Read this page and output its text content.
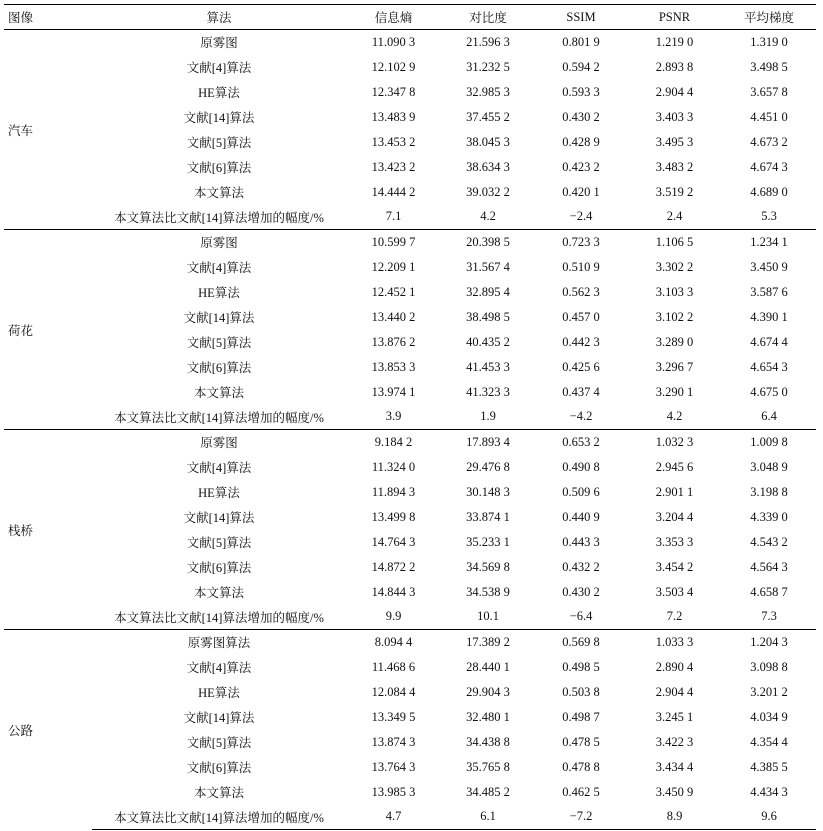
图像	算法	信息熵	对比度	SSIM	PSNR	平均梯度
汽车	原雾图	11.090 3	21.596 3	0.801 9	1.219 0	1.319 0
	文献[4]算法	12.102 9	31.232 5	0.594 2	2.893 8	3.498 5
	HE算法	12.347 8	32.985 3	0.593 3	2.904 4	3.657 8
	文献[14]算法	13.483 9	37.455 2	0.430 2	3.403 3	4.451 0
	文献[5]算法	13.453 2	38.045 3	0.428 9	3.495 3	4.673 2
	文献[6]算法	13.423 2	38.634 3	0.423 2	3.483 2	4.674 3
	本文算法	14.444 2	39.032 2	0.420 1	3.519 2	4.689 0
	本文算法比文献[14]算法增加的幅度/%	7.1	4.2	−2.4	2.4	5.3
荷花	原雾图	10.599 7	20.398 5	0.723 3	1.106 5	1.234 1
	文献[4]算法	12.209 1	31.567 4	0.510 9	3.302 2	3.450 9
	HE算法	12.452 1	32.895 4	0.562 3	3.103 3	3.587 6
	文献[14]算法	13.440 2	38.498 5	0.457 0	3.102 2	4.390 1
	文献[5]算法	13.876 2	40.435 2	0.442 3	3.289 0	4.674 4
	文献[6]算法	13.853 3	41.453 3	0.425 6	3.296 7	4.654 3
	本文算法	13.974 1	41.323 3	0.437 4	3.290 1	4.675 0
	本文算法比文献[14]算法增加的幅度/%	3.9	1.9	−4.2	4.2	6.4
栈桥	原雾图	9.184 2	17.893 4	0.653 2	1.032 3	1.009 8
	文献[4]算法	11.324 0	29.476 8	0.490 8	2.945 6	3.048 9
	HE算法	11.894 3	30.148 3	0.509 6	2.901 1	3.198 8
	文献[14]算法	13.499 8	33.874 1	0.440 9	3.204 4	4.339 0
	文献[5]算法	14.764 3	35.233 1	0.443 3	3.353 3	4.543 2
	文献[6]算法	14.872 2	34.569 8	0.432 2	3.454 2	4.564 3
	本文算法	14.844 3	34.538 9	0.430 2	3.503 4	4.658 7
	本文算法比文献[14]算法增加的幅度/%	9.9	10.1	−6.4	7.2	7.3
公路	原雾图算法	8.094 4	17.389 2	0.569 8	1.033 3	1.204 3
	文献[4]算法	11.468 6	28.440 1	0.498 5	2.890 4	3.098 8
	HE算法	12.084 4	29.904 3	0.503 8	2.904 4	3.201 2
	文献[14]算法	13.349 5	32.480 1	0.498 7	3.245 1	4.034 9
	文献[5]算法	13.874 3	34.438 8	0.478 5	3.422 3	4.354 4
	文献[6]算法	13.764 3	35.765 8	0.478 8	3.434 4	4.385 5
	本文算法	13.985 3	34.485 2	0.462 5	3.450 9	4.434 3
	本文算法比文献[14]算法增加的幅度/%	4.7	6.1	−7.2	8.9	9.6
